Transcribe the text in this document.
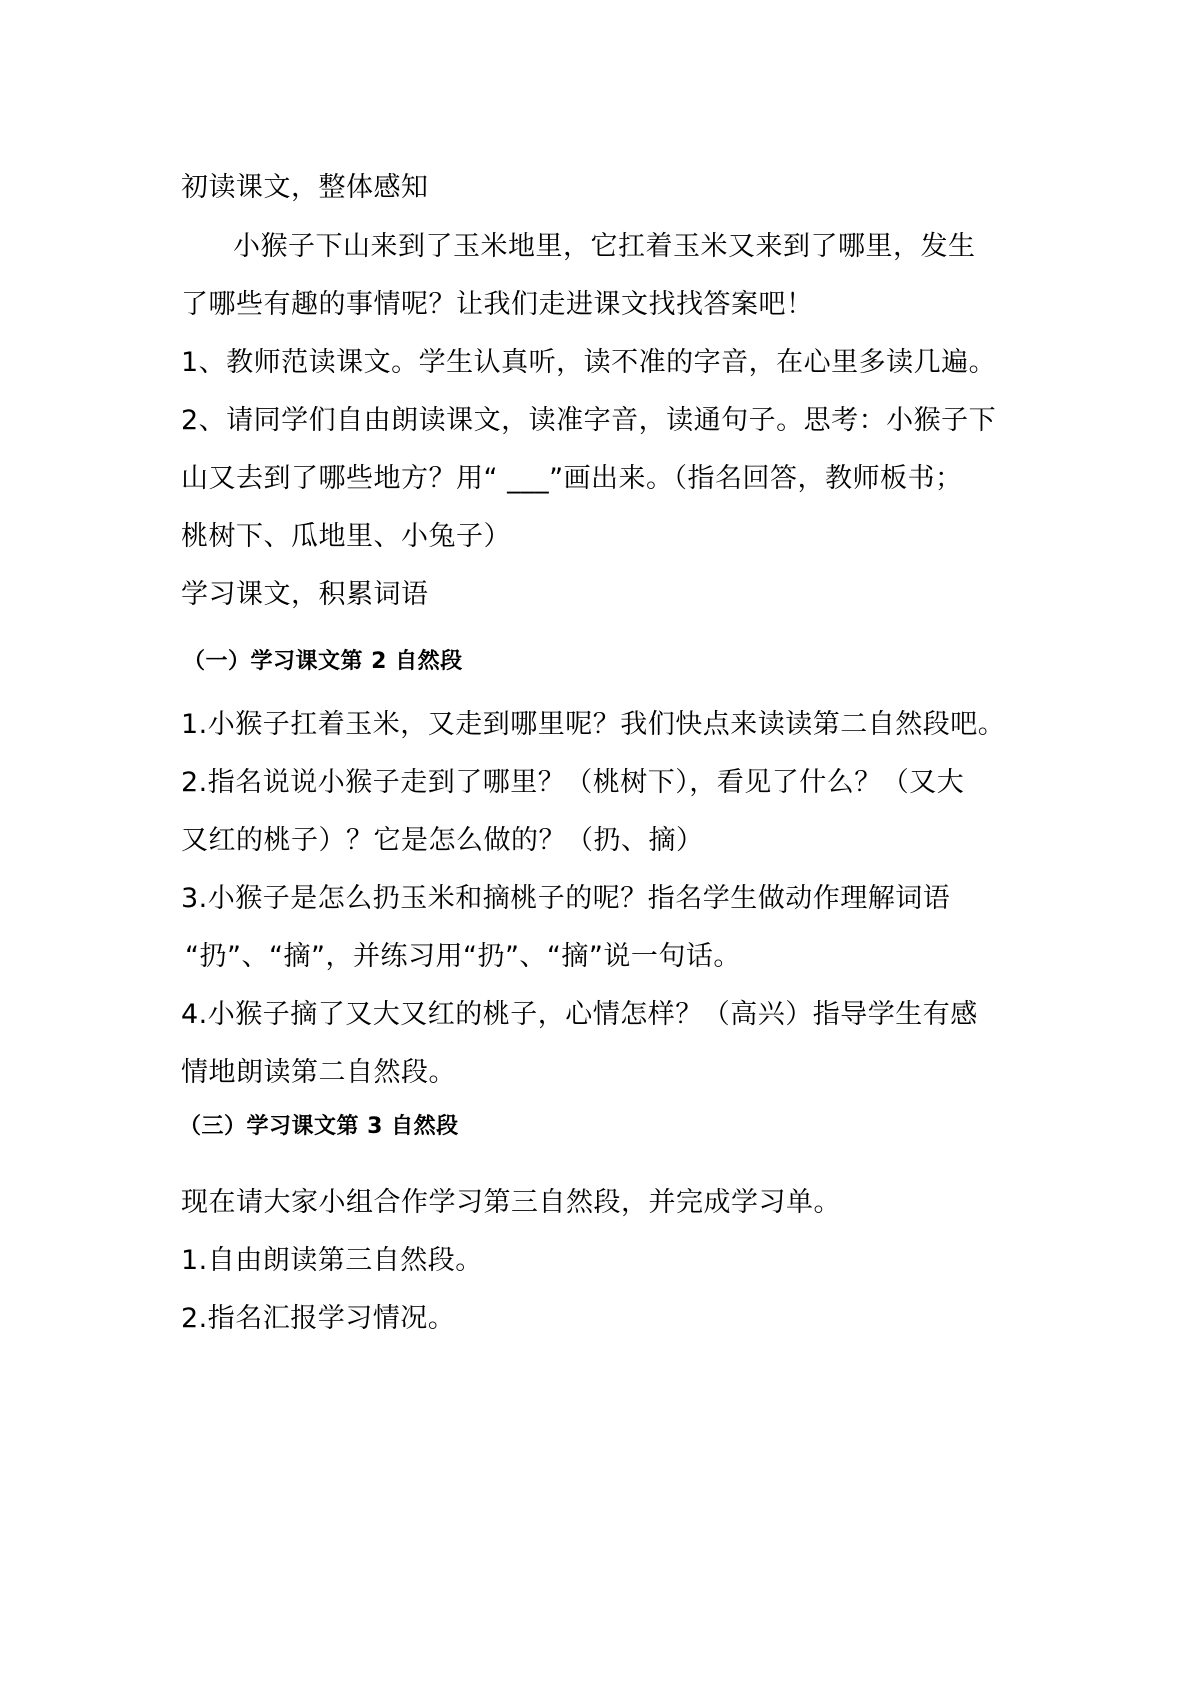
初读课文，整体感知
小猴子下山来到了玉米地里，它扛着玉米又来到了哪里，发生
了哪些有趣的事情呢？让我们走进课文找找答案吧！
1、教师范读课文。学生认真听，读不准的字音，在心里多读几遍。
2、请同学们自由朗读课文，读准字音，读通句子。思考：小猴子下
山又去到了哪些地方？用“ ___”画出来。（指名回答，教师板书；
桃树下、瓜地里、小兔子）
学习课文，积累词语
（一）学习课文第 2 自然段
1.小猴子扛着玉米，又走到哪里呢？我们快点来读读第二自然段吧。
2.指名说说小猴子走到了哪里？（桃树下），看见了什么？（又大
又红的桃子）？它是怎么做的？（扔、摘）
3.小猴子是怎么扔玉米和摘桃子的呢？指名学生做动作理解词语
“扔”、“摘”，并练习用“扔”、“摘”说一句话。
4.小猴子摘了又大又红的桃子，心情怎样？（高兴）指导学生有感
情地朗读第二自然段。
（三）学习课文第 3 自然段
现在请大家小组合作学习第三自然段，并完成学习单。
1.自由朗读第三自然段。
2.指名汇报学习情况。
